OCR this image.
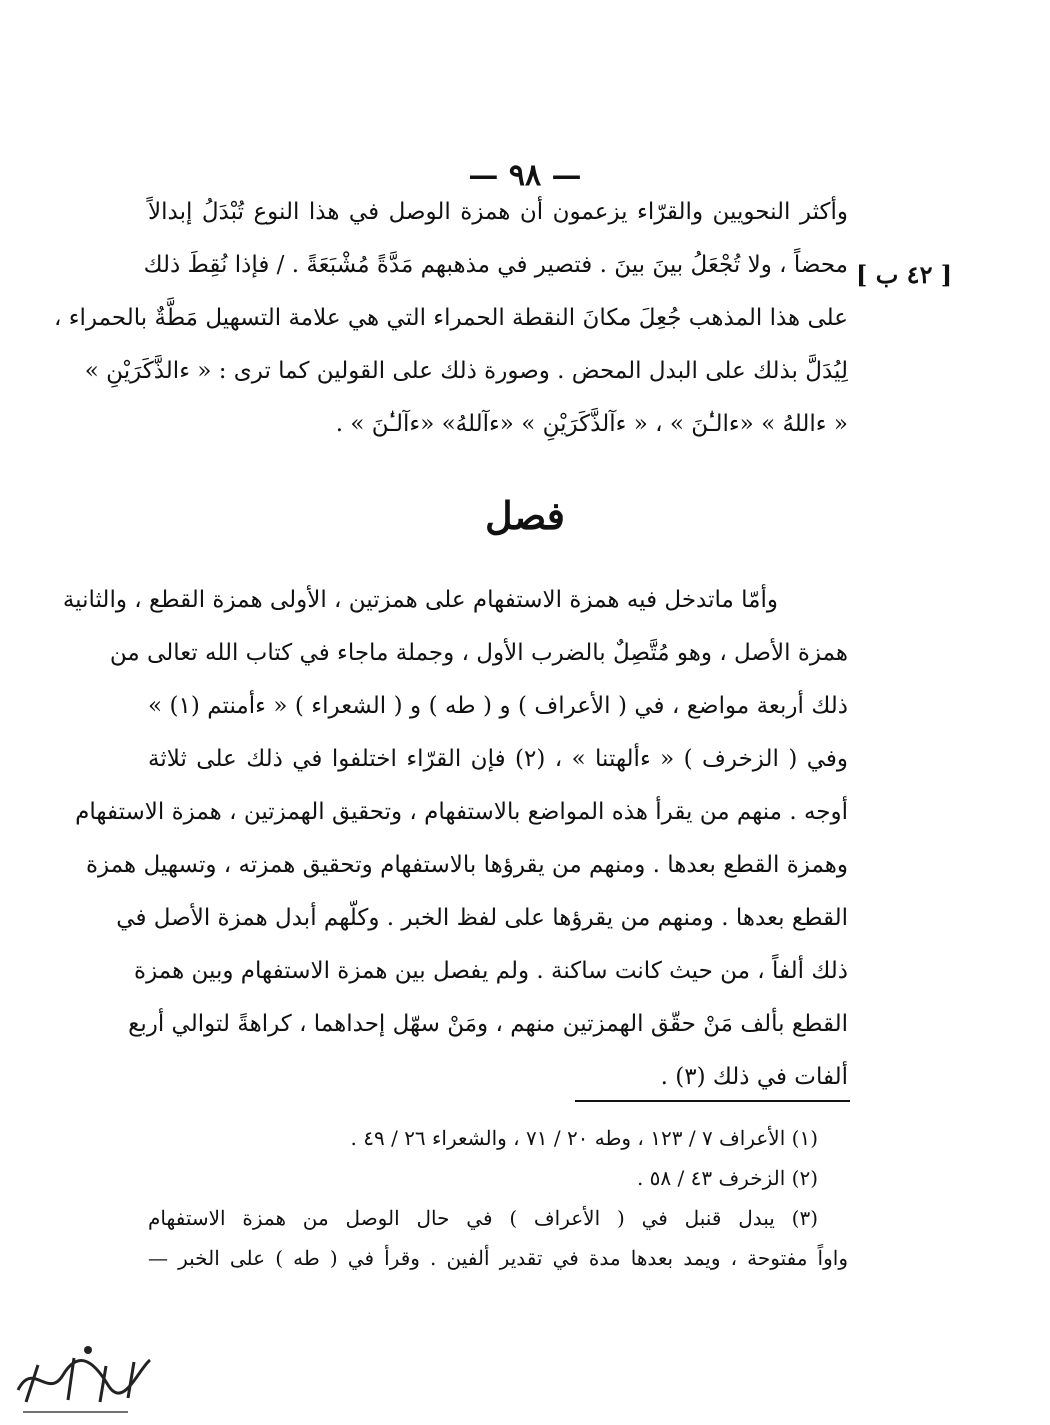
— ٩٨ —
[ ٤٢ ب ]
وأكثر النحويين والقرّاء يزعمون أن همزة الوصل في هذا النوع تُبْدَلُ إبدالاً
محضاً ، ولا تُجْعَلُ بينَ بينَ . فتصير في مذهبهم مَدَّةً مُشْبَعَةً . / فإذا نُقِطَ ذلك
على هذا المذهب جُعِلَ مكانَ النقطة الحمراء التي هي علامة التسهيل مَطَّةٌ بالحمراء ،
لِيُدَلَّ بذلك على البدل المحض . وصورة ذلك على القولين كما ترى : « ءالذَّكَرَيْنِ »
« ءاللهُ » «ءالـٰٔنَ » ، « ءآلذَّكَرَيْنِ » «ءآللهُ» «ءآلـٰٔنَ » .
فصل
وأمّا ماتدخل فيه همزة الاستفهام على همزتين ، الأولى همزة القطع ، والثانية
همزة الأصل ، وهو مُتَّصِلٌ بالضرب الأول ، وجملة ماجاء في كتاب الله تعالى من
ذلك أربعة مواضع ، في ( الأعراف ) و ( طه ) و ( الشعراء ) « ءأمنتم (١) »
وفي ( الزخرف ) « ءألهتنا » ، (٢) فإن القرّاء اختلفوا في ذلك على ثلاثة
أوجه . منهم من يقرأ هذه المواضع بالاستفهام ، وتحقيق الهمزتين ، همزة الاستفهام
وهمزة القطع بعدها . ومنهم من يقرؤها بالاستفهام وتحقيق همزته ، وتسهيل همزة
القطع بعدها . ومنهم من يقرؤها على لفظ الخبر . وكلّهم أبدل همزة الأصل في
ذلك ألفاً ، من حيث كانت ساكنة . ولم يفصل بين همزة الاستفهام وبين همزة
القطع بألف مَنْ حقّق الهمزتين منهم ، ومَنْ سهّل إحداهما ، كراهةً لتوالي أربع
ألفات في ذلك (٣) .
(١) الأعراف ٧ / ١٢٣ ، وطه ٢٠ / ٧١ ، والشعراء ٢٦ / ٤٩ .
(٢) الزخرف ٤٣ / ٥٨ .
(٣) يبدل قنبل في ( الأعراف ) في حال الوصل من همزة الاستفهام
واواً مفتوحة ، ويمد بعدها مدة في تقدير ألفين . وقرأ في ( طه ) على الخبر —
